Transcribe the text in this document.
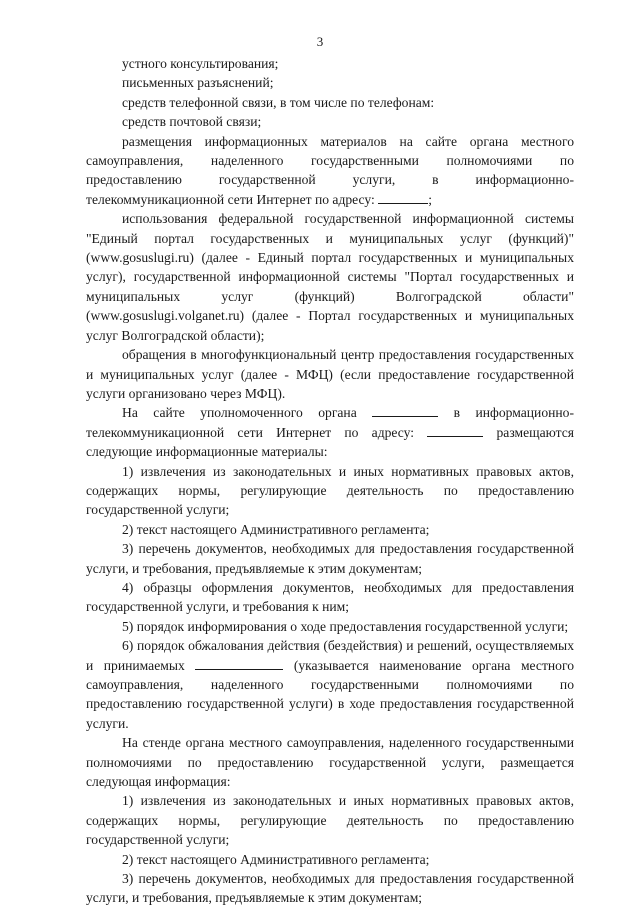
3

устного консультирования;

письменных разъяснений;

средств телефонной связи, в том числе по телефонам:

средств почтовой связи;

размещения информационных материалов на сайте органа местного самоуправления, наделенного государственными полномочиями по предоставлению государственной услуги, в информационно-телекоммуникационной сети Интернет по адресу:	;

использования федеральной государственной информационной системы "Единый портал государственных и муниципальных услуг (функций)" (www.gosuslugi.ru) (далее - Единый портал государственных и муниципальных услуг), государственной информационной системы "Портал государственных и муниципальных услуг (функций) Волгоградской области" (www.gosuslugi.volganet.ru) (далее - Портал государственных и муниципальных услуг Волгоградской области);

обращения в многофункциональный центр предоставления государственных и муниципальных услуг (далее - МФЦ) (если предоставление государственной услуги организовано через МФЦ).

На сайте уполномоченного органа	в информационно-телекоммуникационной сети Интернет по адресу:	размещаются следующие информационные материалы:

1) извлечения из законодательных и иных нормативных правовых актов, содержащих нормы, регулирующие деятельность по предоставлению государственной услуги;

2) текст настоящего Административного регламента;

3) перечень документов, необходимых для предоставления государственной услуги, и требования, предъявляемые к этим документам;

4) образцы оформления документов, необходимых для предоставления государственной услуги, и требования к ним;

5) порядок информирования о ходе предоставления государственной услуги;

6) порядок обжалования действия (бездействия) и решений, осуществляемых и принимаемых	(указывается наименование органа местного самоуправления, наделенного государственными полномочиями по предоставлению государственной услуги) в ходе предоставления государственной услуги.

На стенде органа местного самоуправления, наделенного государственными полномочиями по предоставлению государственной услуги, размещается следующая информация:

1) извлечения из законодательных и иных нормативных правовых актов, содержащих нормы, регулирующие деятельность по предоставлению государственной услуги;

2) текст настоящего Административного регламента;

3) перечень документов, необходимых для предоставления государственной услуги, и требования, предъявляемые к этим документам;
